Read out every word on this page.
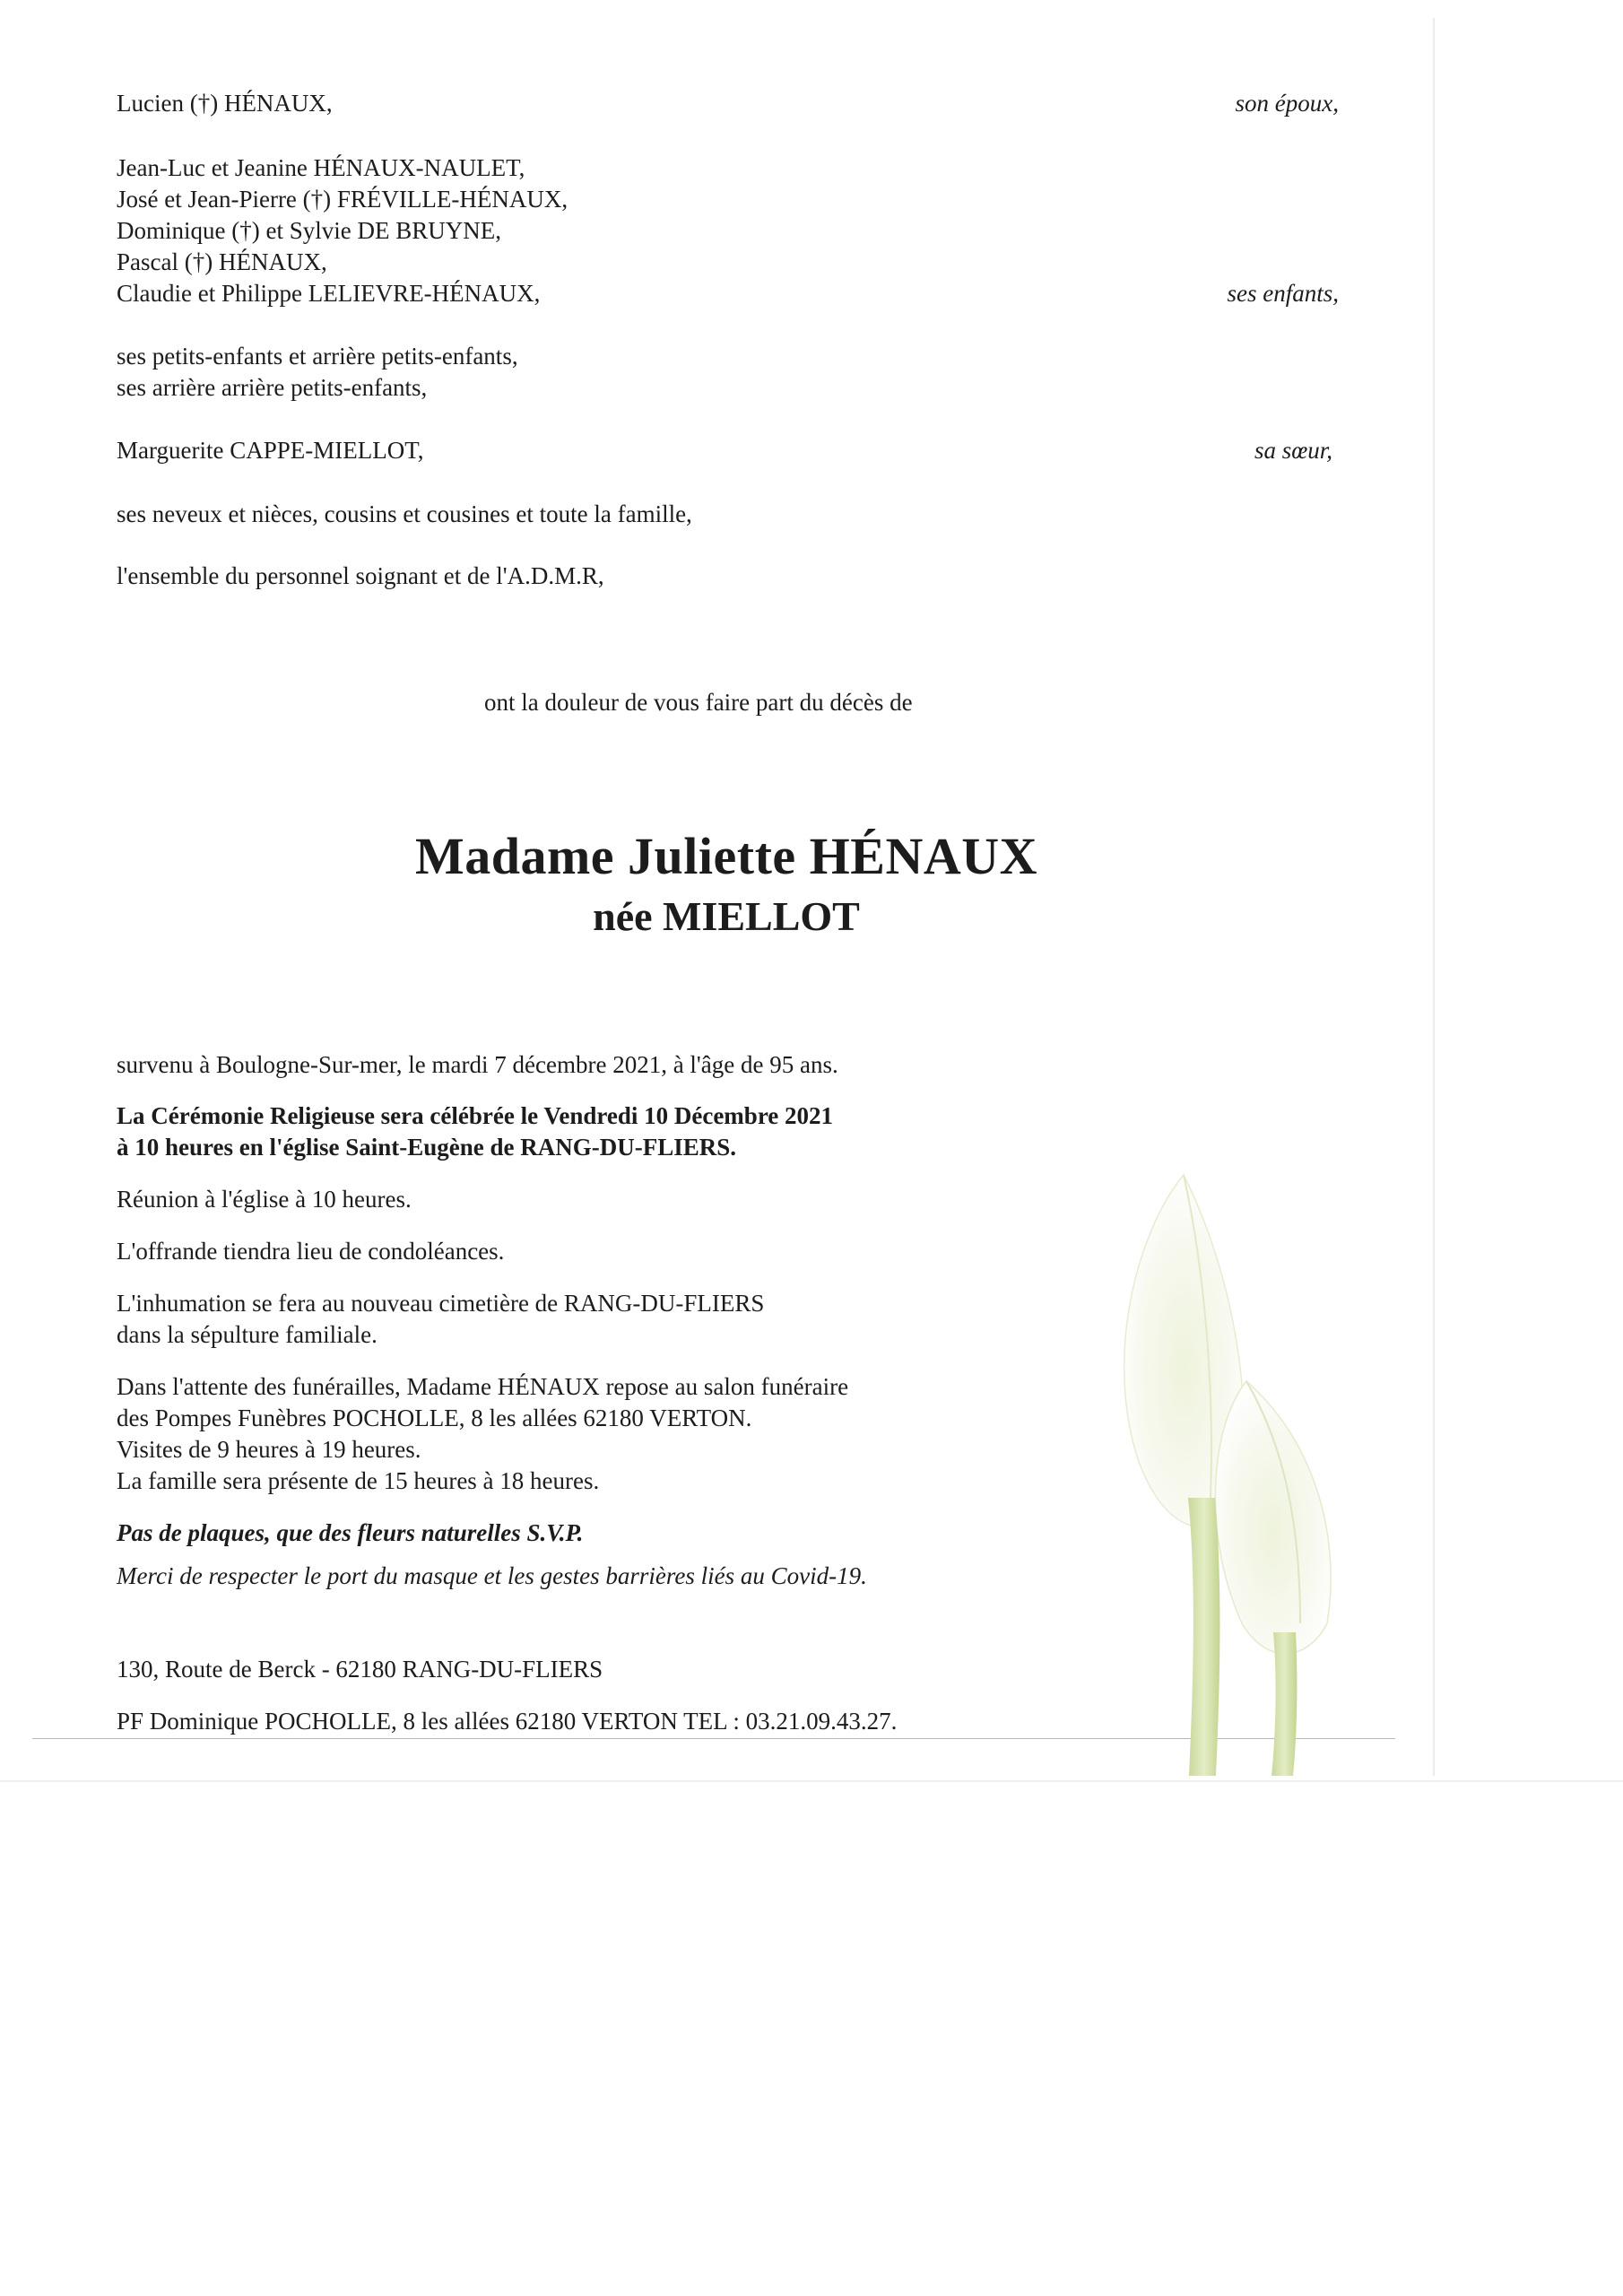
Lucien (†) HÉNAUX,	son époux,
Jean-Luc et Jeanine HÉNAUX-NAULET,
José et Jean-Pierre (†) FRÉVILLE-HÉNAUX,
Dominique (†) et Sylvie DE BRUYNE,
Pascal (†) HÉNAUX,
Claudie et Philippe LELIEVRE-HÉNAUX,	ses enfants,
ses petits-enfants et arrière petits-enfants,
ses arrière arrière petits-enfants,
Marguerite CAPPE-MIELLOT,	sa sœur,
ses neveux et nièces, cousins et cousines et toute la famille,
l'ensemble du personnel soignant et de l'A.D.M.R,
ont la douleur de vous faire part du décès de
Madame Juliette HÉNAUX
née MIELLOT
survenu à Boulogne-Sur-mer, le mardi 7 décembre 2021, à l'âge de 95 ans.
La Cérémonie Religieuse sera célébrée le Vendredi 10 Décembre 2021
à 10 heures en l'église Saint-Eugène de RANG-DU-FLIERS.
Réunion à l'église à 10 heures.
L'offrande tiendra lieu de condoléances.
L'inhumation se fera au nouveau cimetière de RANG-DU-FLIERS
dans la sépulture familiale.
Dans l'attente des funérailles, Madame HÉNAUX repose au salon funéraire
des Pompes Funèbres POCHOLLE, 8 les allées 62180 VERTON.
Visites de 9 heures à 19 heures.
La famille sera présente de 15 heures à 18 heures.
Pas de plaques, que des fleurs naturelles S.V.P.
Merci de respecter le port du masque et les gestes barrières liés au Covid-19.
130, Route de Berck - 62180 RANG-DU-FLIERS
PF Dominique POCHOLLE, 8 les allées 62180 VERTON TEL : 03.21.09.43.27.
